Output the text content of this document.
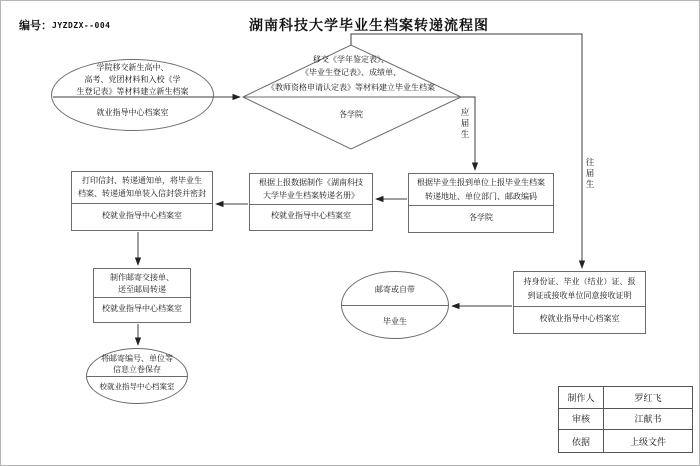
编号：JYZDZX--004	湖南科技大学毕业生档案转递流程图
学院移交新生高中、
高考、党团材料和入校《学
生登记表》等材料建立新生档案
就业指导中心档案室
移交《学年鉴定表》、
《毕业生登记表》、成绩单、
《教师资格申请认定表》等材料建立毕业生档案
各学院	应届生
往届生
根据毕业生报到单位上报毕业生档案
转递地址、单位部门、邮政编码
各学院
根据上报数据制作《湖南科技
大学毕业生档案转递名册》
校就业指导中心档案室
打印信封、转递通知单，将毕业生
档案、转递通知单装入信封袋并密封
校就业指导中心档案室
制作邮寄交接单、
送至邮局转递
校就业指导中心档案室
将邮寄编号、单位等
信息立卷保存
校就业指导中心档案室
持身份证、毕业（结业）证、报
到证或接收单位同意接收证明
校就业指导中心档案室
邮寄或自带
毕业生
制作人	罗红飞
审核	江献书
依据	上级文件
